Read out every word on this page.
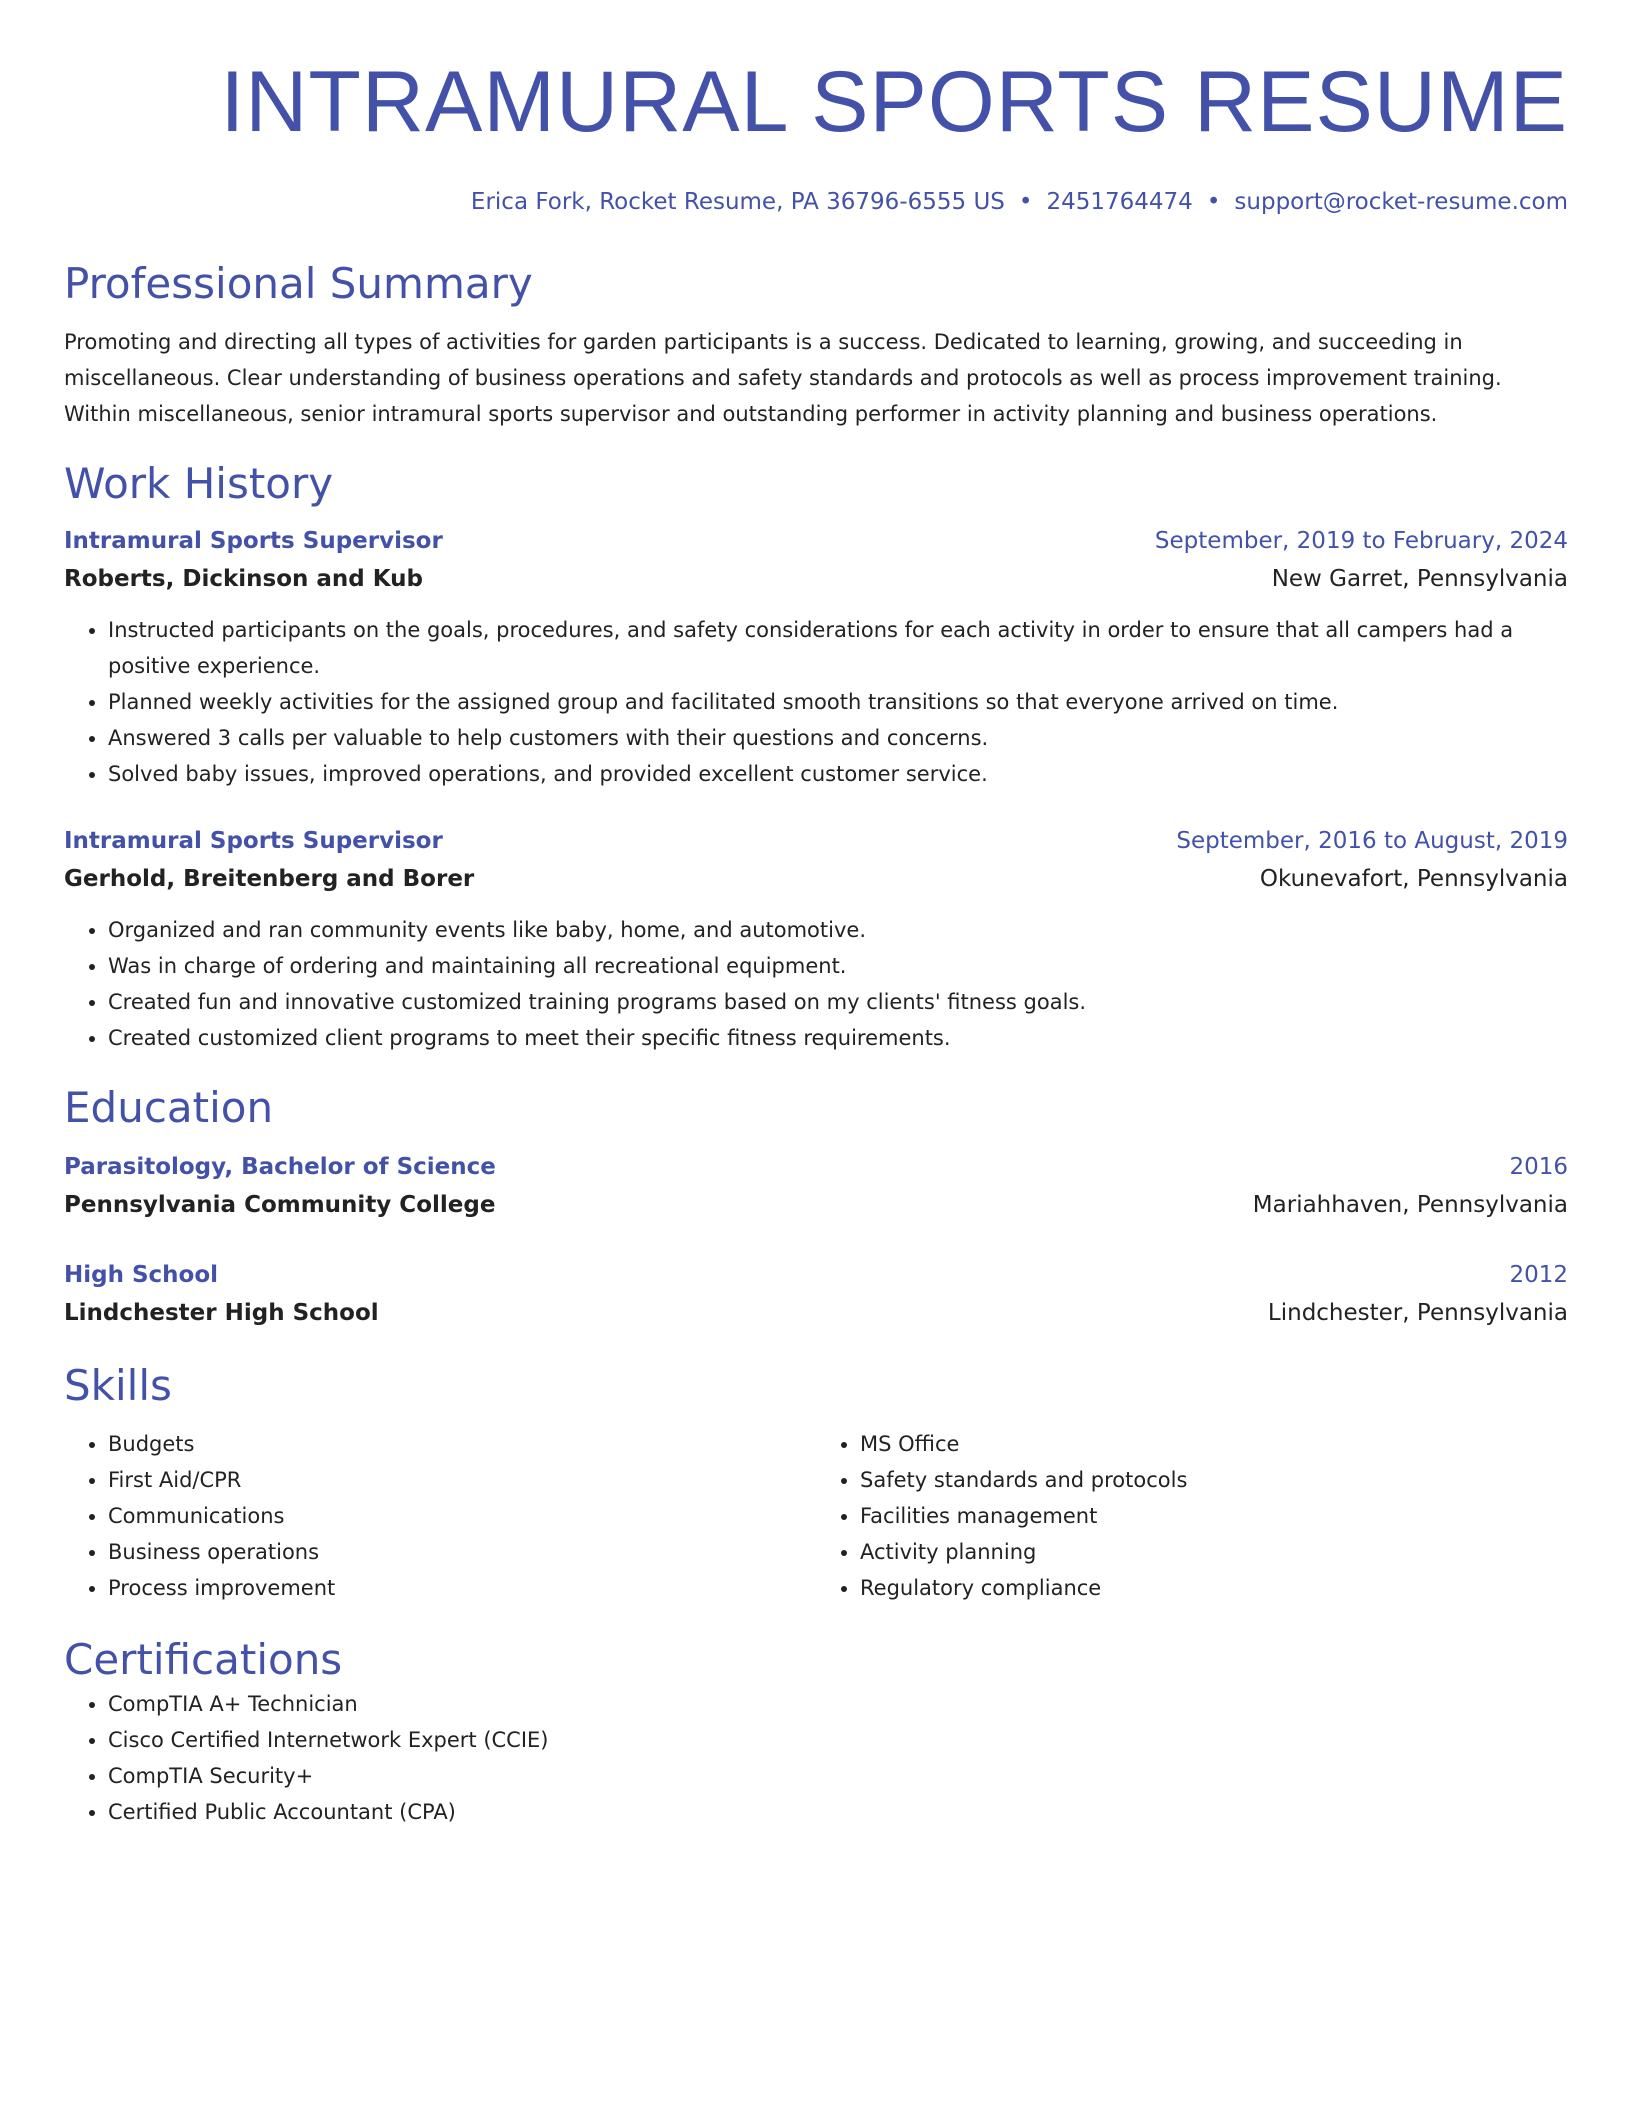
INTRAMURAL SPORTS RESUME
Erica Fork, Rocket Resume, PA 36796-6555 US • 2451764474 • support@rocket-resume.com
Professional Summary
Promoting and directing all types of activities for garden participants is a success. Dedicated to learning, growing, and succeeding in miscellaneous. Clear understanding of business operations and safety standards and protocols as well as process improvement training. Within miscellaneous, senior intramural sports supervisor and outstanding performer in activity planning and business operations.
Work History
Intramural Sports Supervisor	September, 2019 to February, 2024
Roberts, Dickinson and Kub	New Garret, Pennsylvania
• Instructed participants on the goals, procedures, and safety considerations for each activity in order to ensure that all campers had a positive experience.
• Planned weekly activities for the assigned group and facilitated smooth transitions so that everyone arrived on time.
• Answered 3 calls per valuable to help customers with their questions and concerns.
• Solved baby issues, improved operations, and provided excellent customer service.
Intramural Sports Supervisor	September, 2016 to August, 2019
Gerhold, Breitenberg and Borer	Okunevafort, Pennsylvania
• Organized and ran community events like baby, home, and automotive.
• Was in charge of ordering and maintaining all recreational equipment.
• Created fun and innovative customized training programs based on my clients' fitness goals.
• Created customized client programs to meet their specific fitness requirements.
Education
Parasitology, Bachelor of Science	2016
Pennsylvania Community College	Mariahhaven, Pennsylvania
High School	2012
Lindchester High School	Lindchester, Pennsylvania
Skills
• Budgets
• First Aid/CPR
• Communications
• Business operations
• Process improvement
• MS Office
• Safety standards and protocols
• Facilities management
• Activity planning
• Regulatory compliance
Certifications
• CompTIA A+ Technician
• Cisco Certified Internetwork Expert (CCIE)
• CompTIA Security+
• Certified Public Accountant (CPA)
